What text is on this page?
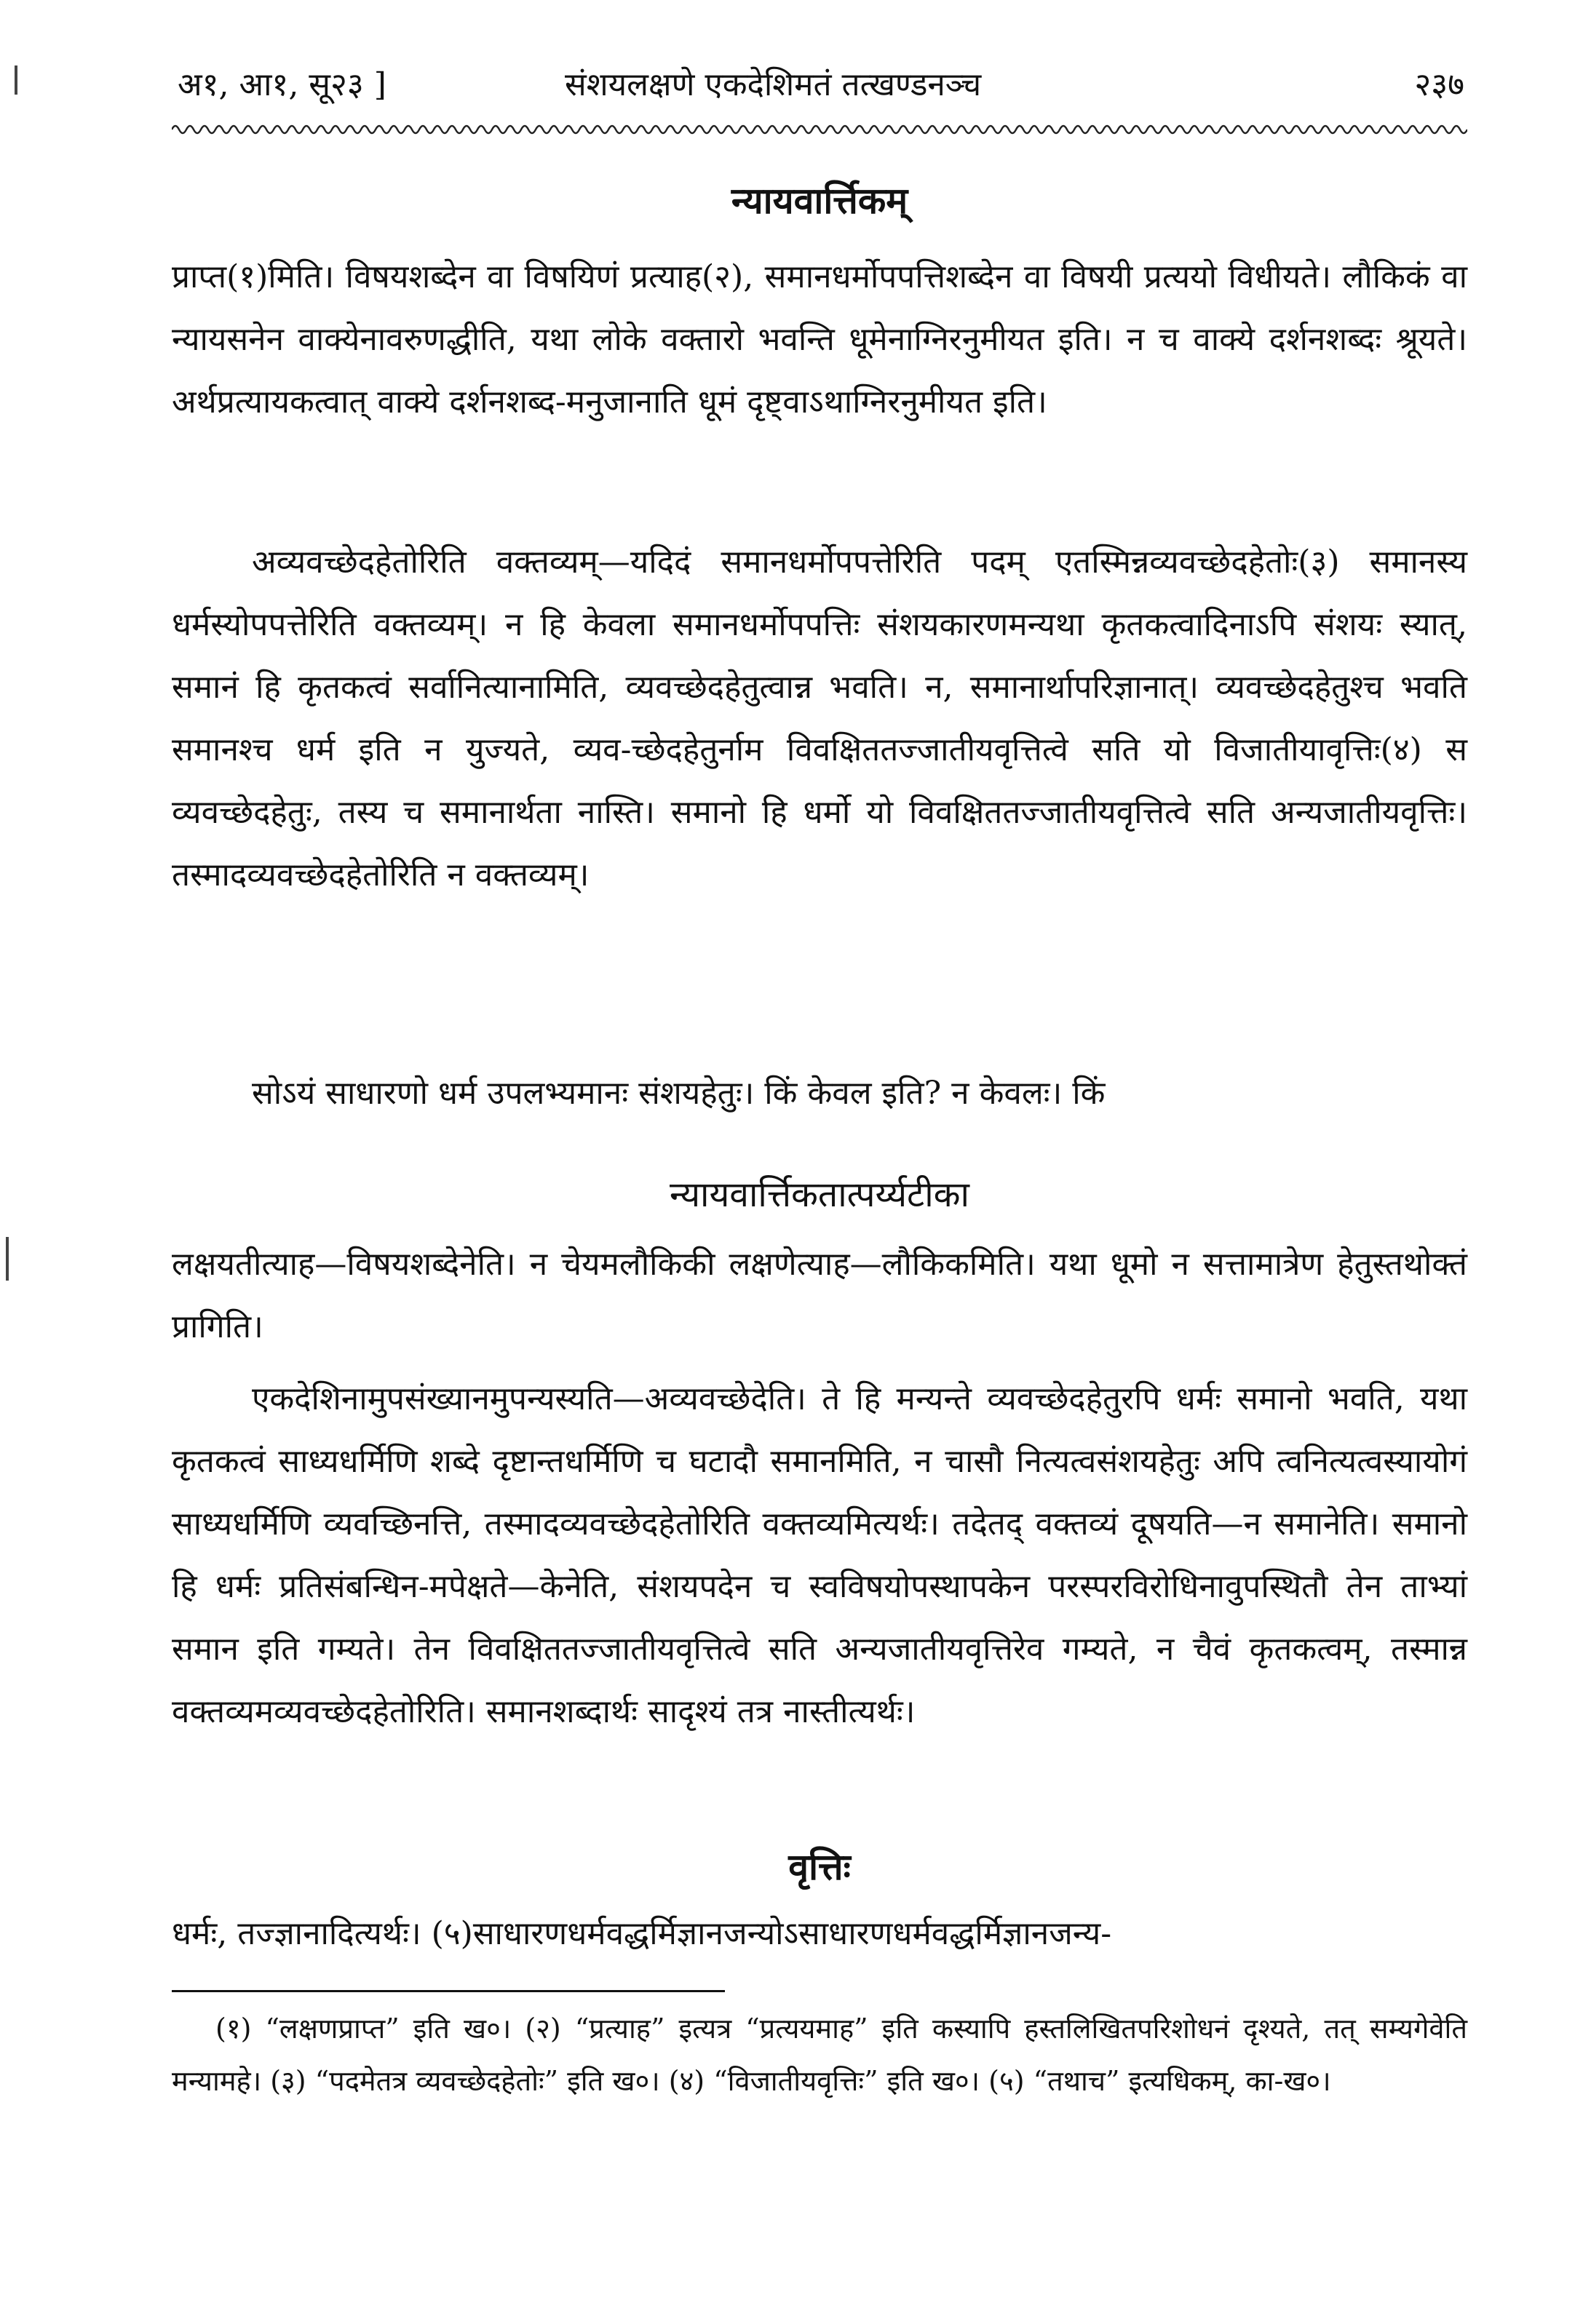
अ१, आ१, सू२३ ]	संशयलक्षणे एकदेशिमतं तत्खण्डनञ्च	२३७
न्यायवार्त्तिकम्
प्राप्त(१)मिति। विषयशब्देन वा विषयिणं प्रत्याह(२), समानधर्मोपपत्तिशब्देन वा विषयी प्रत्ययो विधीयते। लौकिकं वा न्यायसनेन वाक्येनावरुणद्धीति, यथा लोके वक्तारो भवन्ति धूमेनाग्निरनुमीयत इति। न च वाक्ये दर्शनशब्दः श्रूयते। अर्थप्रत्यायकत्वात् वाक्ये दर्शनशब्द-मनुजानाति धूमं दृष्ट्वाऽथाग्निरनुमीयत इति।
अव्यवच्छेदहेतोरिति वक्तव्यम्—यदिदं समानधर्मोपपत्तेरिति पदम् एतस्मिन्नव्यवच्छेदहेतोः(३) समानस्य धर्मस्योपपत्तेरिति वक्तव्यम्। न हि केवला समानधर्मोपपत्तिः संशयकारणमन्यथा कृतकत्वादिनाऽपि संशयः स्यात्, समानं हि कृतकत्वं सर्वानित्यानामिति, व्यवच्छेदहेतुत्वान्न भवति। न, समानार्थापरिज्ञानात्। व्यवच्छेदहेतुश्च भवति समानश्च धर्म इति न युज्यते, व्यव-च्छेदहेतुर्नाम विवक्षिततज्जातीयवृत्तित्वे सति यो विजातीयावृत्तिः(४) स व्यवच्छेदहेतुः, तस्य च समानार्थता नास्ति। समानो हि धर्मो यो विवक्षिततज्जातीयवृत्तित्वे सति अन्यजातीयवृत्तिः। तस्मादव्यवच्छेदहेतोरिति न वक्तव्यम्।
सोऽयं साधारणो धर्म उपलभ्यमानः संशयहेतुः। किं केवल इति? न केवलः। किं
न्यायवार्त्तिकतात्पर्य्यटीका
लक्षयतीत्याह—विषयशब्देनेति। न चेयमलौकिकी लक्षणेत्याह—लौकिकमिति। यथा धूमो न सत्तामात्रेण हेतुस्तथोक्तं प्रागिति।
एकदेशिनामुपसंख्यानमुपन्यस्यति—अव्यवच्छेदेति। ते हि मन्यन्ते व्यवच्छेदहेतुरपि धर्मः समानो भवति, यथा कृतकत्वं साध्यधर्मिणि शब्दे दृष्टान्तधर्मिणि च घटादौ समानमिति, न चासौ नित्यत्वसंशयहेतुः अपि त्वनित्यत्वस्यायोगं साध्यधर्मिणि व्यवच्छिनत्ति, तस्मादव्यवच्छेदहेतोरिति वक्तव्यमित्यर्थः। तदेतद् वक्तव्यं दूषयति—न समानेति। समानो हि धर्मः प्रतिसंबन्धिन-मपेक्षते—केनेति, संशयपदेन च स्वविषयोपस्थापकेन परस्परविरोधिनावुपस्थितौ तेन ताभ्यां समान इति गम्यते। तेन विवक्षिततज्जातीयवृत्तित्वे सति अन्यजातीयवृत्तिरेव गम्यते, न चैवं कृतकत्वम्, तस्मान्न वक्तव्यमव्यवच्छेदहेतोरिति। समानशब्दार्थः सादृश्यं तत्र नास्तीत्यर्थः।
वृत्तिः
धर्मः, तज्ज्ञानादित्यर्थः। (५)साधारणधर्मवद्धर्मिज्ञानजन्योऽसाधारणधर्मवद्धर्मिज्ञानजन्य-
(१) “लक्षणप्राप्त” इति ख०। (२) “प्रत्याह” इत्यत्र “प्रत्ययमाह” इति कस्यापि हस्तलिखितपरिशोधनं दृश्यते, तत् सम्यगेवेति मन्यामहे। (३) “पदमेतत्र व्यवच्छेदहेतोः” इति ख०। (४) “विजातीयवृत्तिः” इति ख०। (५) “तथाच” इत्यधिकम्, का-ख०।
